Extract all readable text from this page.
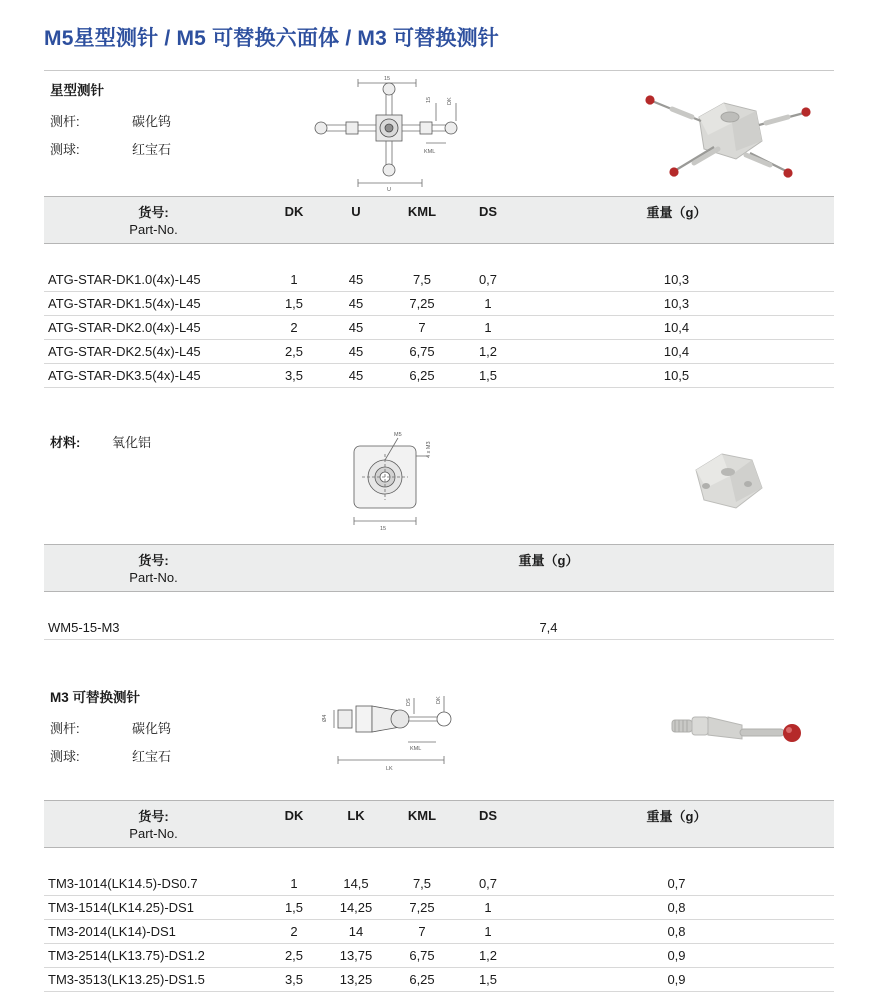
M5星型测针 / M5 可替换六面体 / M3 可替换测针
星型测针
测杆:	碳化钨
测球:	红宝石
15
15	DK
KML
U
货号:	DK	U	KML	DS	重量（g）
Part-No.					

ATG-STAR-DK1.0(4x)-L45	1	45	7,5	0,7	10,3
ATG-STAR-DK1.5(4x)-L45	1,5	45	7,25	1	10,3
ATG-STAR-DK2.0(4x)-L45	2	45	7	1	10,4
ATG-STAR-DK2.5(4x)-L45	2,5	45	6,75	1,2	10,4
ATG-STAR-DK3.5(4x)-L45	3,5	45	6,25	1,5	10,5
材料:	氧化铝	M5
4 x M3
15
货号:	重量（g）
Part-No.	

WM5-15-M3	7,4
M3 可替换测针
测杆:	碳化钨
测球:	红宝石
Ø4
DS	DK
KML
LK
货号:	DK	LK	KML	DS	重量（g）
Part-No.					

TM3-1014(LK14.5)-DS0.7	1	14,5	7,5	0,7	0,7
TM3-1514(LK14.25)-DS1	1,5	14,25	7,25	1	0,8
TM3-2014(LK14)-DS1	2	14	7	1	0,8
TM3-2514(LK13.75)-DS1.2	2,5	13,75	6,75	1,2	0,9
TM3-3513(LK13.25)-DS1.5	3,5	13,25	6,25	1,5	0,9
